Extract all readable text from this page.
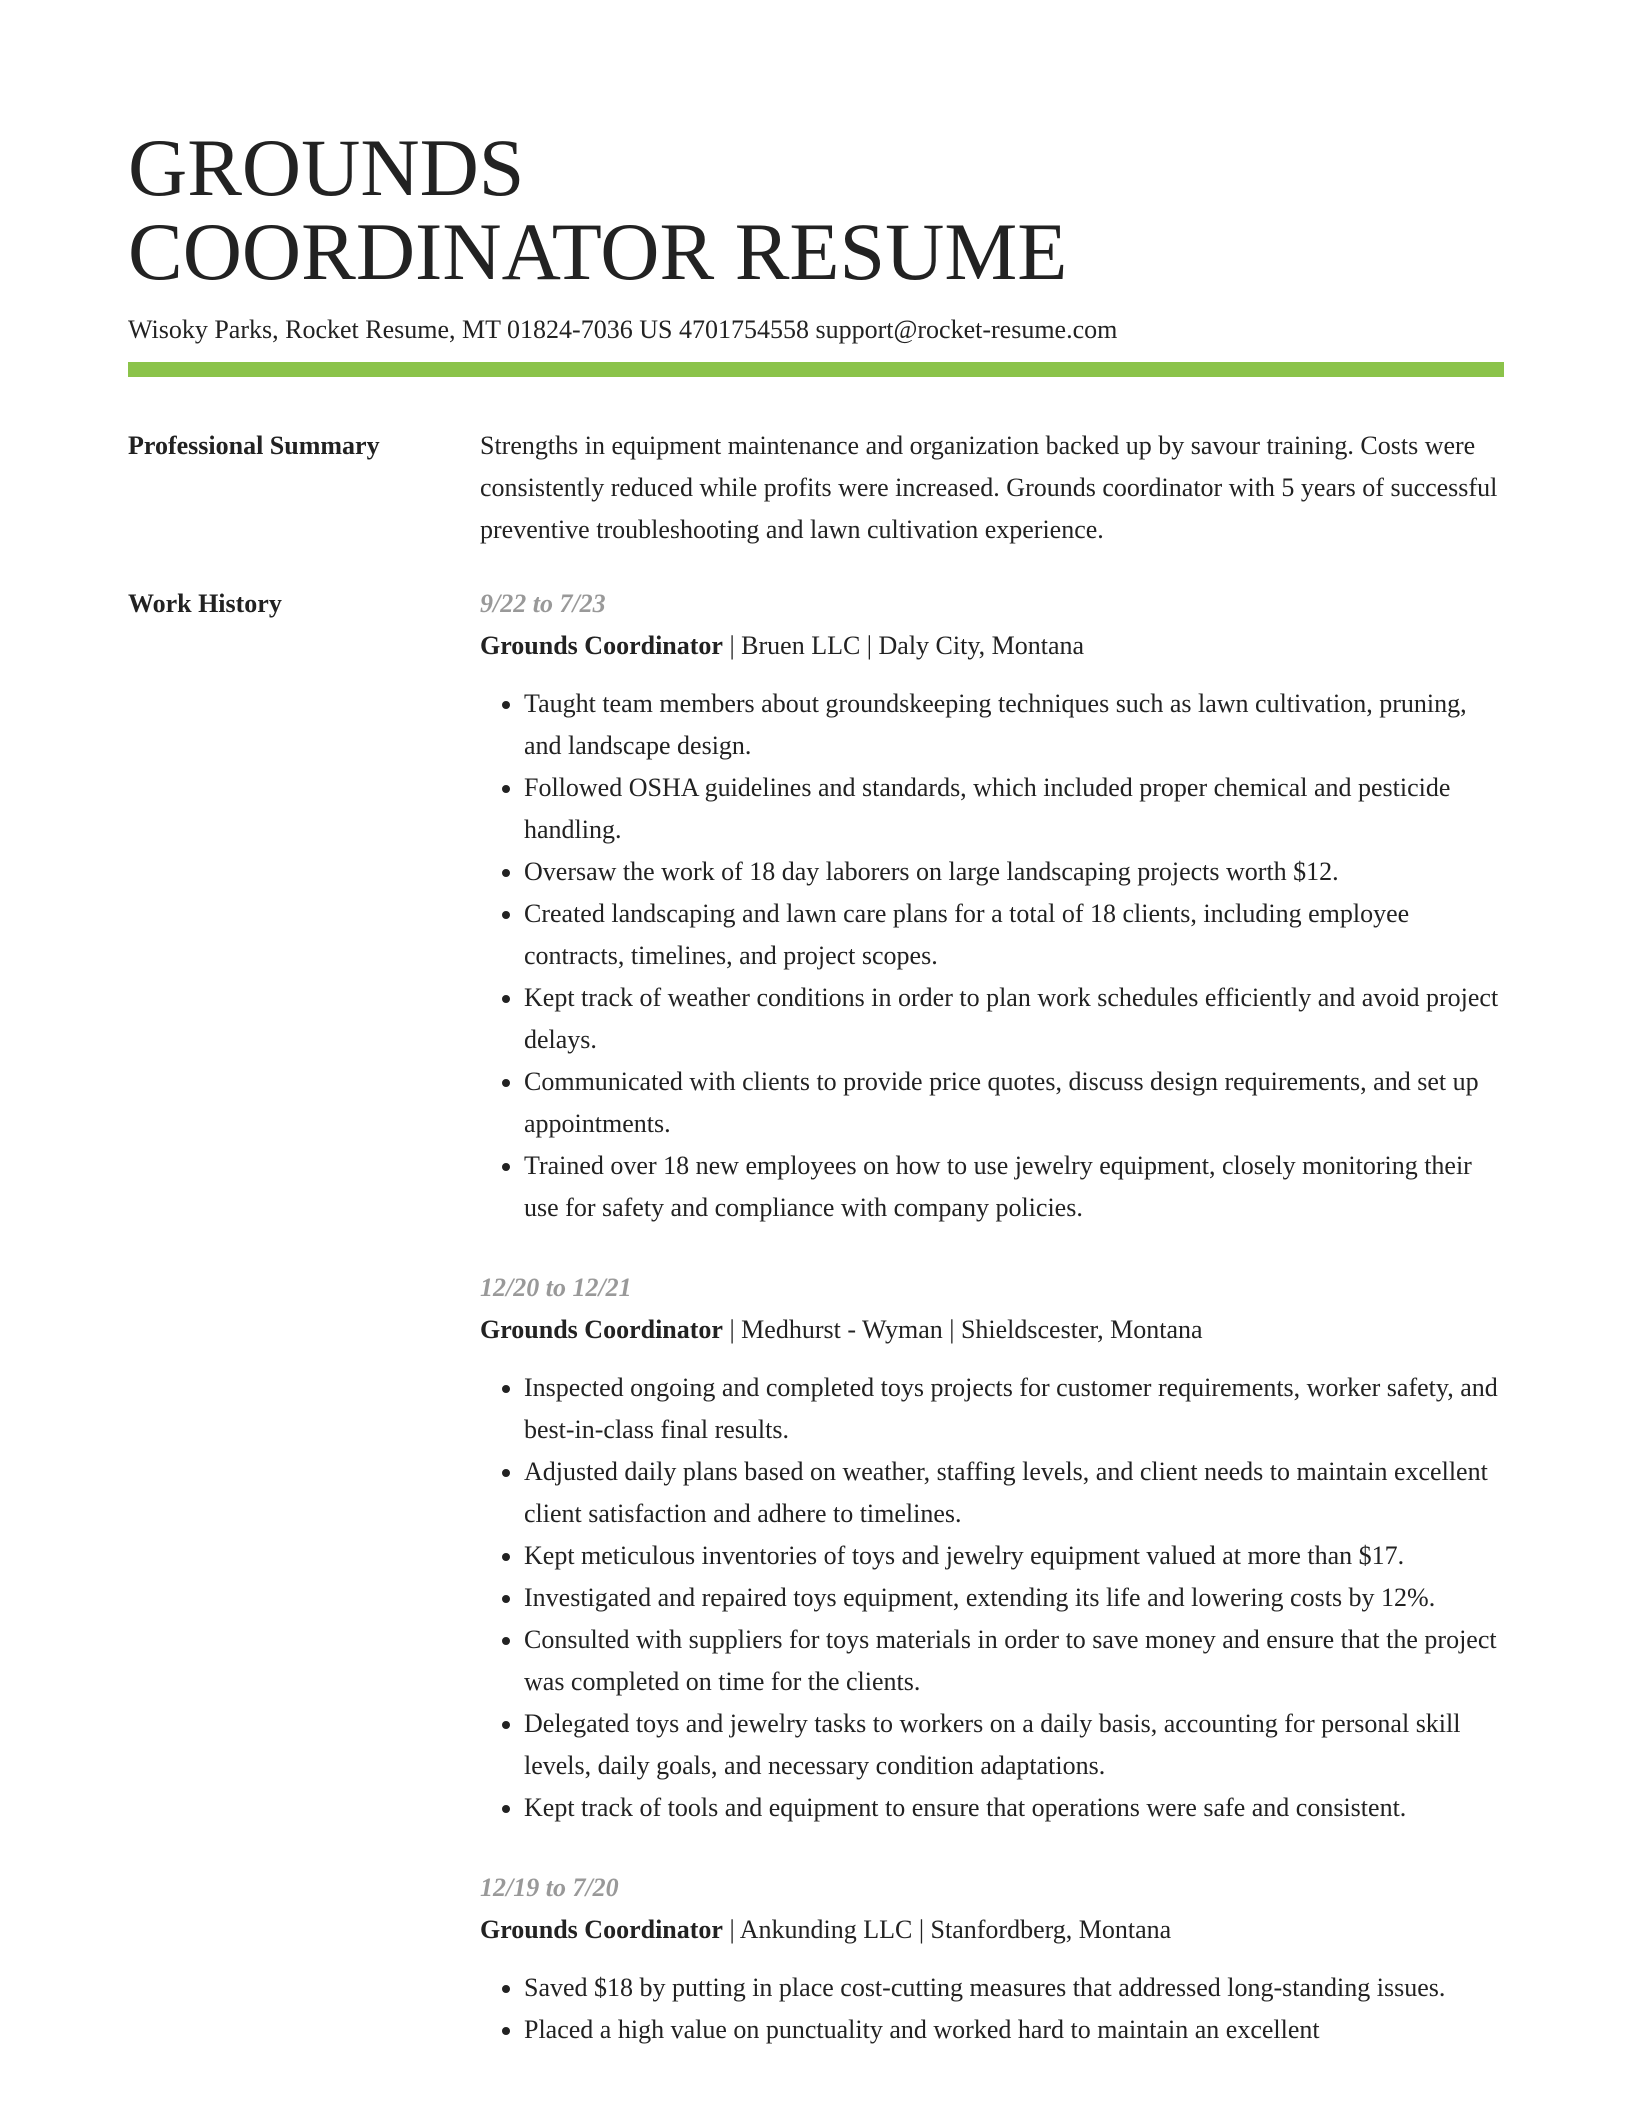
GROUNDS
COORDINATOR RESUME
Wisoky Parks, Rocket Resume, MT 01824-7036 US 4701754558 support@rocket-resume.com
Professional Summary	Strengths in equipment maintenance and organization backed up by savour training. Costs were consistently reduced while profits were increased. Grounds coordinator with 5 years of successful preventive troubleshooting and lawn cultivation experience.
Work History	9/22 to 7/23
Grounds Coordinator | Bruen LLC | Daly City, Montana
• Taught team members about groundskeeping techniques such as lawn cultivation, pruning, and landscape design.
• Followed OSHA guidelines and standards, which included proper chemical and pesticide handling.
• Oversaw the work of 18 day laborers on large landscaping projects worth $12.
• Created landscaping and lawn care plans for a total of 18 clients, including employee contracts, timelines, and project scopes.
• Kept track of weather conditions in order to plan work schedules efficiently and avoid project delays.
• Communicated with clients to provide price quotes, discuss design requirements, and set up appointments.
• Trained over 18 new employees on how to use jewelry equipment, closely monitoring their use for safety and compliance with company policies.
12/20 to 12/21
Grounds Coordinator | Medhurst - Wyman | Shieldscester, Montana
• Inspected ongoing and completed toys projects for customer requirements, worker safety, and best-in-class final results.
• Adjusted daily plans based on weather, staffing levels, and client needs to maintain excellent client satisfaction and adhere to timelines.
• Kept meticulous inventories of toys and jewelry equipment valued at more than $17.
• Investigated and repaired toys equipment, extending its life and lowering costs by 12%.
• Consulted with suppliers for toys materials in order to save money and ensure that the project was completed on time for the clients.
• Delegated toys and jewelry tasks to workers on a daily basis, accounting for personal skill levels, daily goals, and necessary condition adaptations.
• Kept track of tools and equipment to ensure that operations were safe and consistent.
12/19 to 7/20
Grounds Coordinator | Ankunding LLC | Stanfordberg, Montana
• Saved $18 by putting in place cost-cutting measures that addressed long-standing issues.
• Placed a high value on punctuality and worked hard to maintain an excellent
